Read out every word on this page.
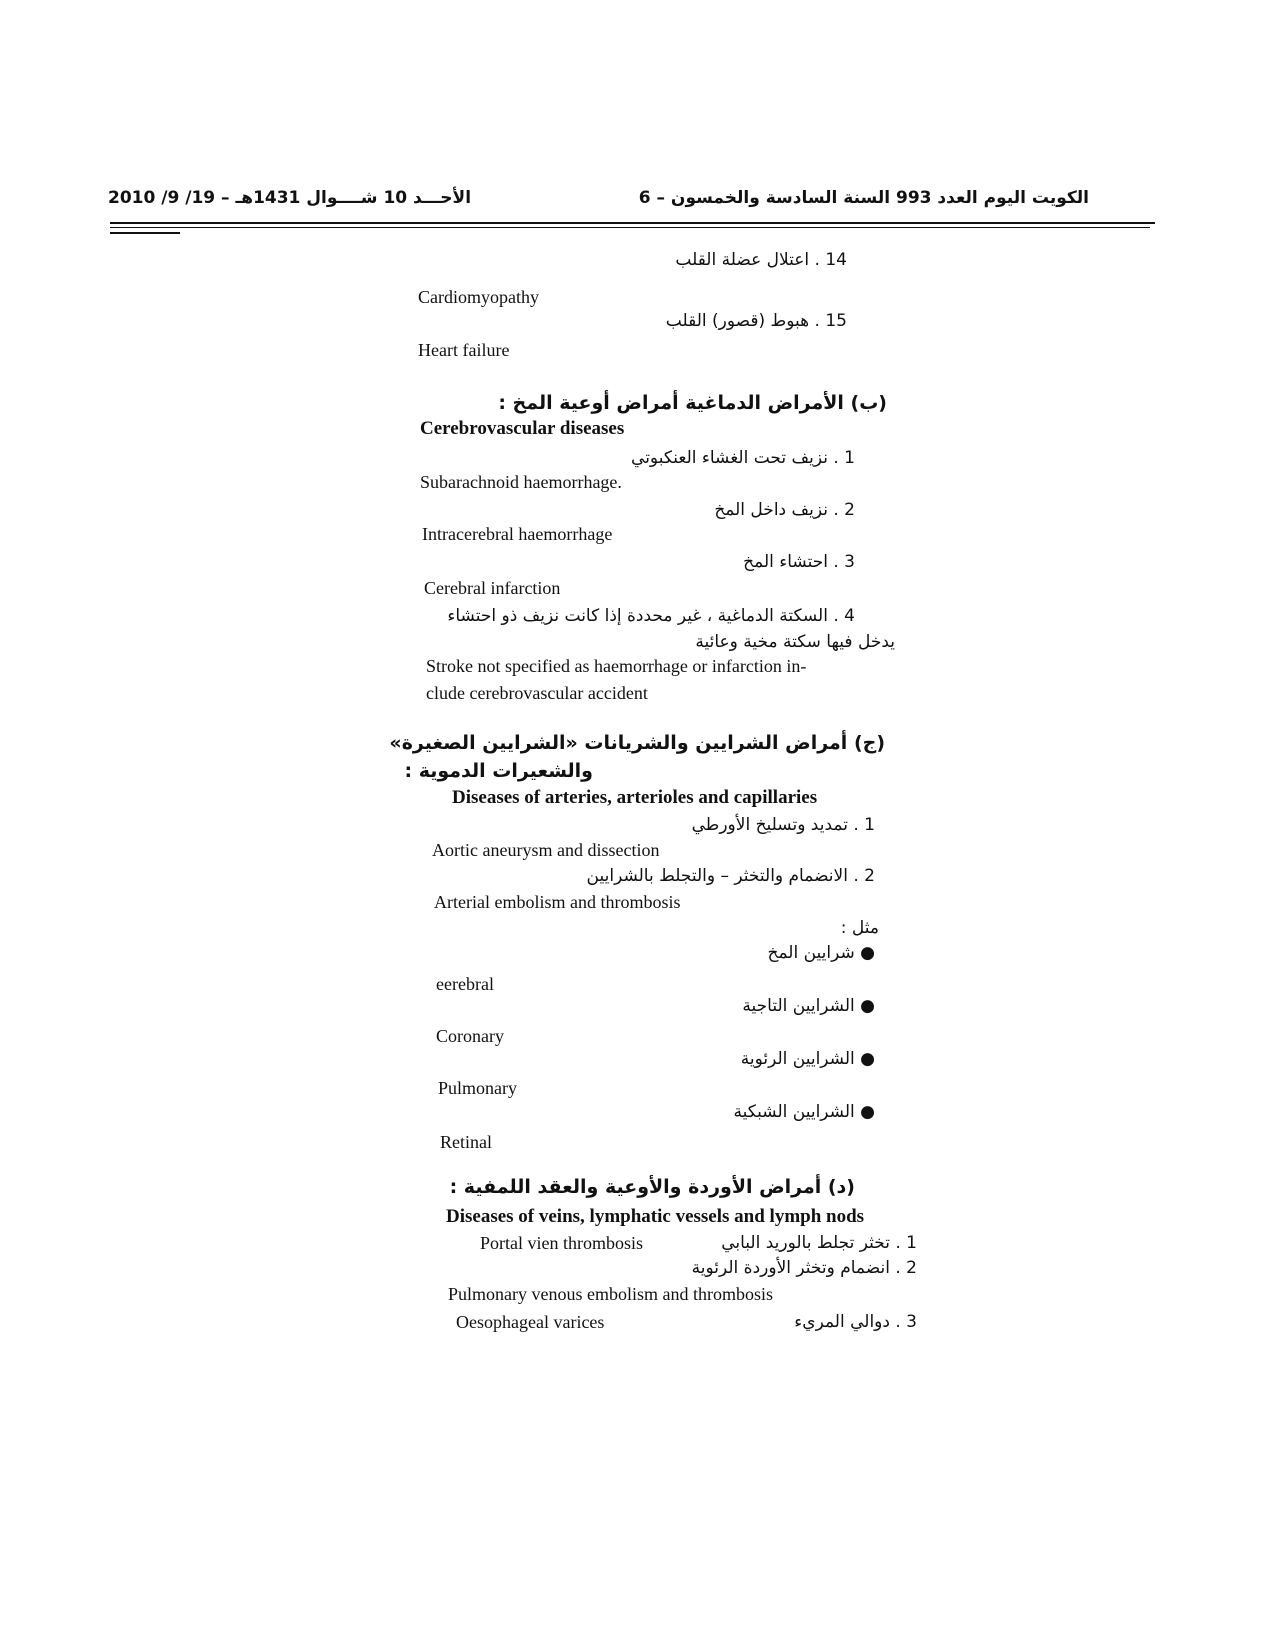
الكويت اليوم العدد 993 السنة السادسة والخمسون – 6
الأحـــد 10 شــــوال 1431هـ – 19/ 9/ 2010
14 . اعتلال عضلة القلب
Cardiomyopathy
15 . هبوط (قصور) القلب
Heart failure
(ب) الأمراض الدماغية أمراض أوعية المخ :
Cerebrovascular diseases
1 . نزيف تحت الغشاء العنكبوتي
Subarachnoid haemorrhage.
2 . نزيف داخل المخ
Intracerebral haemorrhage
3 . احتشاء المخ
Cerebral infarction
4 . السكتة الدماغية ، غير محددة إذا كانت نزيف ذو احتشاء
يدخل فيها سكتة مخية وعائية
Stroke not specified as haemorrhage or infarction in-
clude cerebrovascular accident
(ج) أمراض الشرايين والشريانات «الشرايين الصغيرة»
والشعيرات الدموية :
Diseases of arteries, arterioles and capillaries
1 . تمديد وتسليخ الأورطي
Aortic aneurysm and dissection
2 . الانضمام والتخثر – والتجلط بالشرايين
Arterial embolism and thrombosis
مثل :
● شرايين المخ
eerebral
● الشرايين التاجية
Coronary
● الشرايين الرئوية
Pulmonary
● الشرايين الشبكية
Retinal
(د) أمراض الأوردة والأوعية والعقد اللمفية :
Diseases of veins, lymphatic vessels and lymph nods
Portal vien thrombosis	1 . تخثر تجلط بالوريد البابي
2 . انضمام وتخثر الأوردة الرئوية
Pulmonary venous embolism and thrombosis
Oesophageal varices	3 . دوالي المريء
